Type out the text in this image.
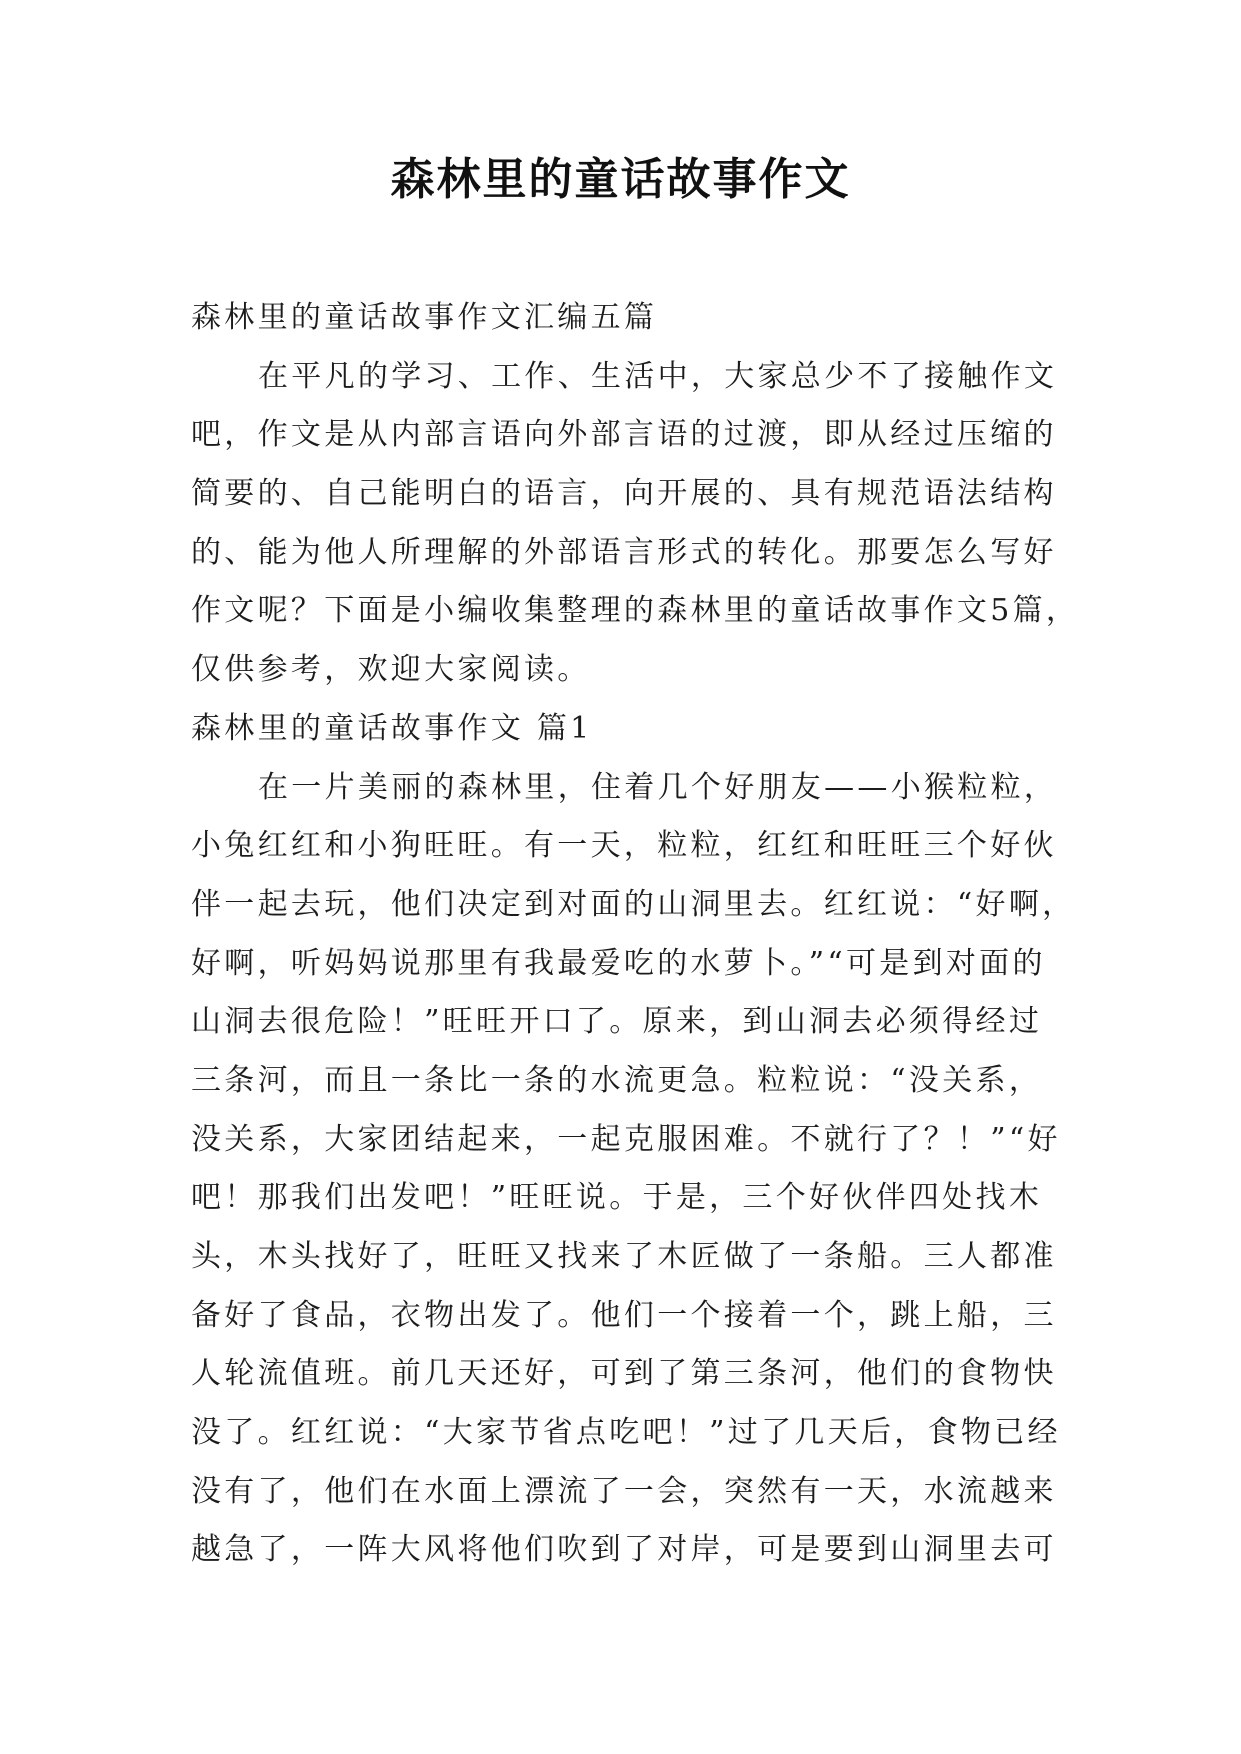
森林里的童话故事作文
森林里的童话故事作文汇编五篇
在平凡的学习、工作、生活中，大家总少不了接触作文
吧，作文是从内部言语向外部言语的过渡，即从经过压缩的
简要的、自己能明白的语言，向开展的、具有规范语法结构
的、能为他人所理解的外部语言形式的转化。那要怎么写好
作文呢？下面是小编收集整理的森林里的童话故事作文5篇，
仅供参考，欢迎大家阅读。
森林里的童话故事作文 篇1
在一片美丽的森林里，住着几个好朋友——小猴粒粒，
小兔红红和小狗旺旺。有一天，粒粒，红红和旺旺三个好伙
伴一起去玩，他们决定到对面的山洞里去。红红说：“好啊，
好啊，听妈妈说那里有我最爱吃的水萝卜。”“可是到对面的
山洞去很危险！”旺旺开口了。原来，到山洞去必须得经过
三条河，而且一条比一条的水流更急。粒粒说：“没关系，
没关系，大家团结起来，一起克服困难。不就行了？！”“好
吧！那我们出发吧！”旺旺说。于是，三个好伙伴四处找木
头，木头找好了，旺旺又找来了木匠做了一条船。三人都准
备好了食品，衣物出发了。他们一个接着一个，跳上船，三
人轮流值班。前几天还好，可到了第三条河，他们的食物快
没了。红红说：“大家节省点吃吧！”过了几天后，食物已经
没有了，他们在水面上漂流了一会，突然有一天，水流越来
越急了，一阵大风将他们吹到了对岸，可是要到山洞里去可
